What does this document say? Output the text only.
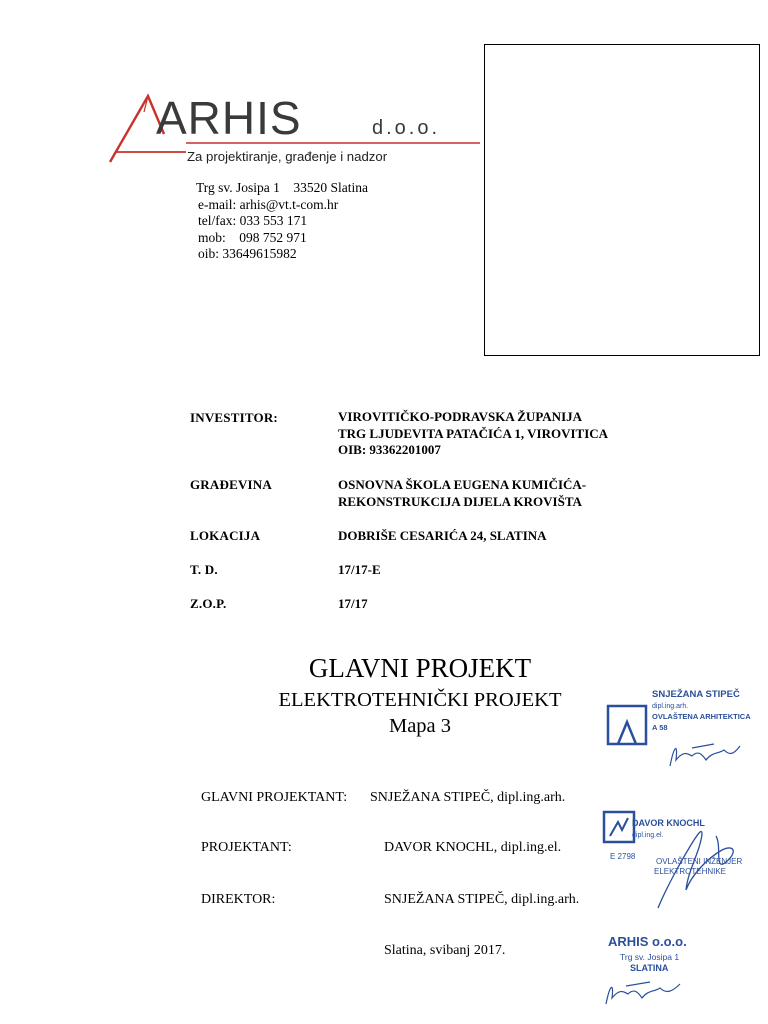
ARHIS	d.o.o.
Za projektiranje, građenje i nadzor
Trg sv. Josipa 1    33520 Slatina
e-mail: arhis@vt.t-com.hr
tel/fax: 033 553 171
mob:    098 752 971
oib: 33649615982
INVESTITOR:	VIROVITIČKO-PODRAVSKA ŽUPANIJA
TRG LJUDEVITA PATAČIĆA 1, VIROVITICA
OIB: 93362201007
GRAĐEVINA	OSNOVNA ŠKOLA EUGENA KUMIČIĆA-
REKONSTRUKCIJA DIJELA KROVIŠTA
LOKACIJA	DOBRIŠE CESARIĆA 24, SLATINA
T. D.	17/17-E
Z.O.P.	17/17
GLAVNI PROJEKT
ELEKTROTEHNIČKI PROJEKT
Mapa 3
GLAVNI PROJEKTANT: SNJEŽANA STIPEČ, dipl.ing.arh.
PROJEKTANT:	DAVOR KNOCHL, dipl.ing.el.
DIREKTOR:	SNJEŽANA STIPEČ, dipl.ing.arh.
Slatina, svibanj 2017.
SNJEŽANA STIPEČ
dipl.ing.arh.
OVLAŠTENA ARHITEKTICA
A 58
DAVOR KNOCHL
dipl.ing.el.
E 2798
OVLAŠTENI INŽENJER
ELEKTROTEHNIKE
ARHIS o.o.o.
Trg sv. Josipa 1
SLATINA
